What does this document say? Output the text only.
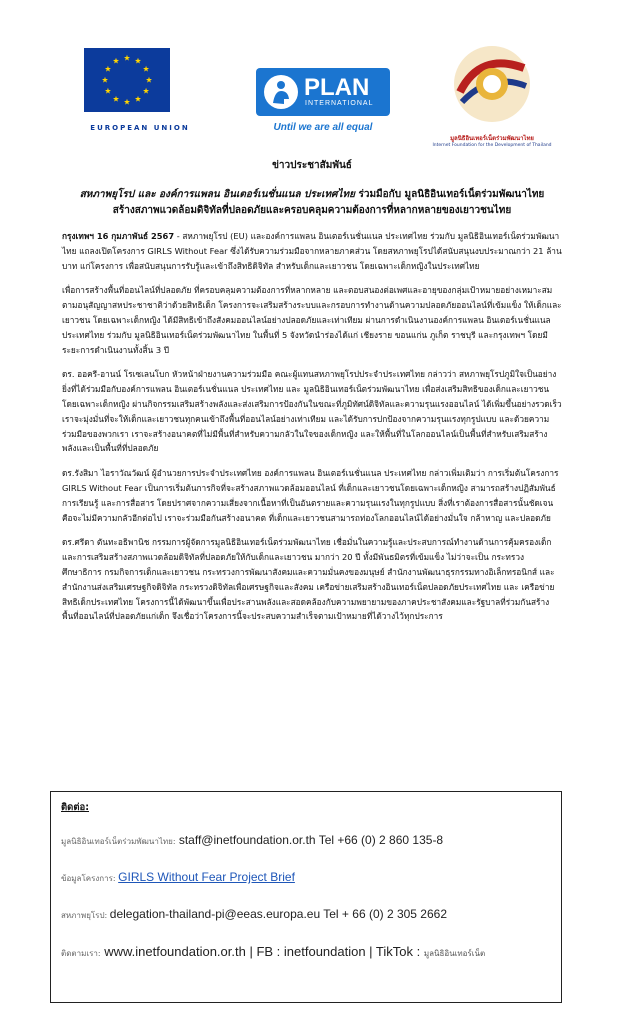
EUROPEAN UNION
PLAN
INTERNATIONAL
Until we are all equal
มูลนิธิอินเทอร์เน็ตร่วมพัฒนาไทย
Internet Foundation for the Development of Thailand
ข่าวประชาสัมพันธ์
สหภาพยุโรป และ องค์การแพลน อินเตอร์เนชั่นแนล ประเทศไทย ร่วมมือกับ มูลนิธิอินเทอร์เน็ตร่วมพัฒนาไทย
สร้างสภาพแวดล้อมดิจิทัลที่ปลอดภัยและครอบคลุมความต้องการที่หลากหลายของเยาวชนไทย

กรุงเทพฯ 16 กุมภาพันธ์ 2567 - สหภาพยุโรป (EU) และองค์การแพลน อินเตอร์เนชั่นแนล ประเทศไทย ร่วมกับ มูลนิธิอินเทอร์เน็ตร่วมพัฒนาไทย แถลงเปิดโครงการ GIRLS Without Fear ซึ่งได้รับความร่วมมือจากหลายภาคส่วน โดยสหภาพยุโรปได้สนับสนุนงบประมาณกว่า 21 ล้านบาท แก่โครงการ เพื่อสนับสนุนการรับรู้และเข้าถึงสิทธิดิจิทัล สำหรับเด็กและเยาวชน โดยเฉพาะเด็กหญิงในประเทศไทย

เพื่อการสร้างพื้นที่ออนไลน์ที่ปลอดภัย ที่ครอบคลุมความต้องการที่หลากหลาย และตอบสนองต่อเพศและอายุของกลุ่มเป้าหมายอย่างเหมาะสม ตามอนุสัญญาสหประชาชาติว่าด้วยสิทธิเด็ก โครงการจะเสริมสร้างระบบและกรอบการทำงานด้านความปลอดภัยออนไลน์ที่เข้มแข็ง ให้เด็กและเยาวชน โดยเฉพาะเด็กหญิง ได้มีสิทธิเข้าถึงสังคมออนไลน์อย่างปลอดภัยและเท่าเทียม ผ่านการดำเนินงานองค์การแพลน อินเตอร์เนชั่นแนล ประเทศไทย ร่วมกับ มูลนิธิอินเทอร์เน็ตร่วมพัฒนาไทย ในพื้นที่ 5 จังหวัดนำร่องได้แก่ เชียงราย ขอนแก่น ภูเก็ต ราชบุรี และกรุงเทพฯ โดยมีระยะการดำเนินงานทั้งสิ้น 3 ปี

ดร. ออครี-อานน์ โรเซเลนโบก หัวหน้าฝ่ายงานความร่วมมือ คณะผู้แทนสหภาพยุโรปประจำประเทศไทย กล่าวว่า สหภาพยุโรปภูมิใจเป็นอย่างยิ่งที่ได้ร่วมมือกับองค์การแพลน อินเตอร์เนชั่นแนล ประเทศไทย และ มูลนิธิอินเทอร์เน็ตร่วมพัฒนาไทย เพื่อส่งเสริมสิทธิของเด็กและเยาวชน โดยเฉพาะเด็กหญิง ผ่านกิจกรรมเสริมสร้างพลังและส่งเสริมการป้องกันในขณะที่ภูมิทัศน์ดิจิทัลและความรุนแรงออนไลน์ ได้เพิ่มขึ้นอย่างรวดเร็ว เราจะมุ่งมั่นที่จะให้เด็กและเยาวชนทุกคนเข้าถึงพื้นที่ออนไลน์อย่างเท่าเทียม และได้รับการปกป้องจากความรุนแรงทุกรูปแบบ และด้วยความร่วมมือของพวกเรา เราจะสร้างอนาคตที่ไม่มีพื้นที่สำหรับความกลัวในใจของเด็กหญิง และให้พื้นที่ในโลกออนไลน์เป็นพื้นที่สำหรับเสริมสร้างพลังและเป็นพื้นที่ที่ปลอดภัย

ดร.รังสิมา ไอราวัณวัฒน์ ผู้อำนวยการประจำประเทศไทย องค์การแพลน อินเตอร์เนชั่นแนล ประเทศไทย กล่าวเพิ่มเติมว่า การเริ่มต้นโครงการ GIRLS Without Fear เป็นการเริ่มต้นการกิจที่จะสร้างสภาพแวดล้อมออนไลน์ ที่เด็กและเยาวชนโดยเฉพาะเด็กหญิง สามารถสร้างปฏิสัมพันธ์ การเรียนรู้ และการสื่อสาร โดยปราศจากความเสี่ยงจากเนื้อหาที่เป็นอันตรายและความรุนแรงในทุกรูปแบบ สิ่งที่เราต้องการสื่อสารนั้นชัดเจน คือจะไม่มีความกลัวอีกต่อไป เราจะร่วมมือกันสร้างอนาคต ที่เด็กและเยาวชนสามารถท่องโลกออนไลน์ได้อย่างมั่นใจ กล้าหาญ และปลอดภัย

ดร.ศรีดา ตันทะอธิพานิช กรรมการผู้จัดการมูลนิธิอินเทอร์เน็ตร่วมพัฒนาไทย เชื่อมั่นในความรู้และประสบการณ์ทำงานด้านการคุ้มครองเด็กและการเสริมสร้างสภาพแวดล้อมดิจิทัลที่ปลอดภัยให้กับเด็กและเยาวชน มากว่า 20 ปี ทั้งมีพันธมิตรที่เข้มแข็ง ไม่ว่าจะเป็น กระทรวงศึกษาธิการ กรมกิจการเด็กและเยาวชน กระทรวงการพัฒนาสังคมและความมั่นคงของมนุษย์ สำนักงานพัฒนาธุรกรรมทางอิเล็กทรอนิกส์ และสำนักงานส่งเสริมเศรษฐกิจดิจิทัล กระทรวงดิจิทัลเพื่อเศรษฐกิจและสังคม เครือข่ายเสริมสร้างอินเทอร์เน็ตปลอดภัยประเทศไทย และ เครือข่ายสิทธิเด็กประเทศไทย โครงการนี้ได้พัฒนาขึ้นเพื่อประสานพลังและสอดคล้องกับความพยายามของภาคประชาสังคมและรัฐบาลที่ร่วมกันสร้างพื้นที่ออนไลน์ที่ปลอดภัยแก่เด็ก จึงเชื่อว่าโครงการนี้จะประสบความสำเร็จตามเป้าหมายที่ได้วางไว้ทุกประการ

ติดต่อ:
มูลนิธิอินเทอร์เน็ตร่วมพัฒนาไทย: staff@inetfoundation.or.th Tel +66 (0) 2 860 135-8
ข้อมูลโครงการ: GIRLS Without Fear Project Brief
สหภาพยุโรป: delegation-thailand-pi@eeas.europa.eu Tel + 66 (0) 2 305 2662
ติดตามเรา: www.inetfoundation.or.th | FB : inetfoundation | TikTok : มูลนิธิอินเทอร์เน็ต
